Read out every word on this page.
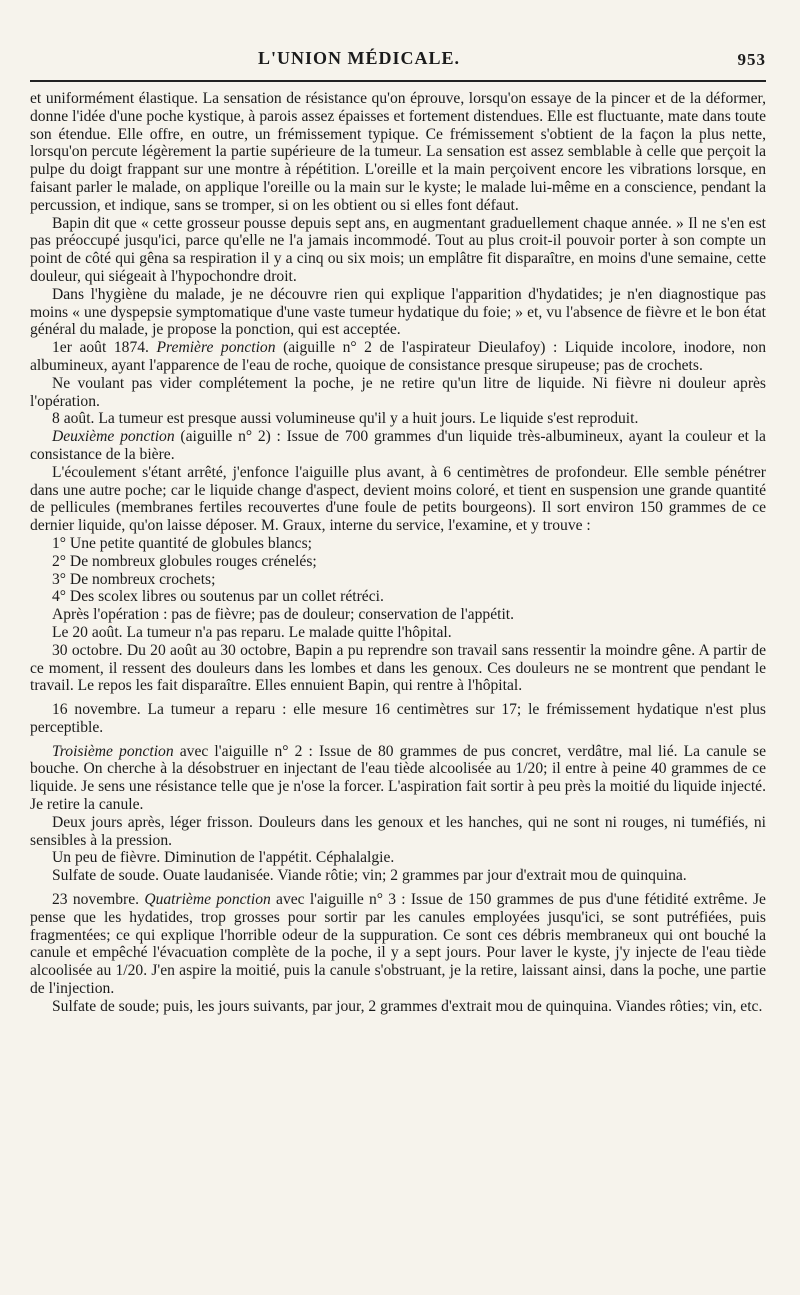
L'UNION MÉDICALE.	953

et uniformément élastique. La sensation de résistance qu'on éprouve, lorsqu'on essaye de la pincer et de la déformer, donne l'idée d'une poche kystique, à parois assez épaisses et fortement distendues. Elle est fluctuante, mate dans toute son étendue. Elle offre, en outre, un frémissement typique. Ce frémissement s'obtient de la façon la plus nette, lorsqu'on percute légèrement la partie supérieure de la tumeur. La sensation est assez semblable à celle que perçoit la pulpe du doigt frappant sur une montre à répétition. L'oreille et la main perçoivent encore les vibrations lorsque, en faisant parler le malade, on applique l'oreille ou la main sur le kyste; le malade lui-même en a conscience, pendant la percussion, et indique, sans se tromper, si on les obtient ou si elles font défaut.

Bapin dit que « cette grosseur pousse depuis sept ans, en augmentant graduellement chaque année. » Il ne s'en est pas préoccupé jusqu'ici, parce qu'elle ne l'a jamais incommodé. Tout au plus croit-il pouvoir porter à son compte un point de côté qui gêna sa respiration il y a cinq ou six mois; un emplâtre fit disparaître, en moins d'une semaine, cette douleur, qui siégeait à l'hypochondre droit.

Dans l'hygiène du malade, je ne découvre rien qui explique l'apparition d'hydatides; je n'en diagnostique pas moins « une dyspepsie symptomatique d'une vaste tumeur hydatique du foie; » et, vu l'absence de fièvre et le bon état général du malade, je propose la ponction, qui est acceptée.

1er août 1874. Première ponction (aiguille n° 2 de l'aspirateur Dieulafoy) : Liquide incolore, inodore, non albumineux, ayant l'apparence de l'eau de roche, quoique de consistance presque sirupeuse; pas de crochets.

Ne voulant pas vider complétement la poche, je ne retire qu'un litre de liquide. Ni fièvre ni douleur après l'opération.

8 août. La tumeur est presque aussi volumineuse qu'il y a huit jours. Le liquide s'est reproduit.

Deuxième ponction (aiguille n° 2) : Issue de 700 grammes d'un liquide très-albumineux, ayant la couleur et la consistance de la bière.

L'écoulement s'étant arrêté, j'enfonce l'aiguille plus avant, à 6 centimètres de profondeur. Elle semble pénétrer dans une autre poche; car le liquide change d'aspect, devient moins coloré, et tient en suspension une grande quantité de pellicules (membranes fertiles recouvertes d'une foule de petits bourgeons). Il sort environ 150 grammes de ce dernier liquide, qu'on laisse déposer. M. Graux, interne du service, l'examine, et y trouve :

1° Une petite quantité de globules blancs;

2° De nombreux globules rouges crénelés;

3° De nombreux crochets;

4° Des scolex libres ou soutenus par un collet rétréci.

Après l'opération : pas de fièvre; pas de douleur; conservation de l'appétit.

Le 20 août. La tumeur n'a pas reparu. Le malade quitte l'hôpital.

30 octobre. Du 20 août au 30 octobre, Bapin a pu reprendre son travail sans ressentir la moindre gêne. A partir de ce moment, il ressent des douleurs dans les lombes et dans les genoux. Ces douleurs ne se montrent que pendant le travail. Le repos les fait disparaître. Elles ennuient Bapin, qui rentre à l'hôpital.

16 novembre. La tumeur a reparu : elle mesure 16 centimètres sur 17; le frémissement hydatique n'est plus perceptible.

Troisième ponction avec l'aiguille n° 2 : Issue de 80 grammes de pus concret, verdâtre, mal lié. La canule se bouche. On cherche à la désobstruer en injectant de l'eau tiède alcoolisée au 1/20; il entre à peine 40 grammes de ce liquide. Je sens une résistance telle que je n'ose la forcer. L'aspiration fait sortir à peu près la moitié du liquide injecté. Je retire la canule.

Deux jours après, léger frisson. Douleurs dans les genoux et les hanches, qui ne sont ni rouges, ni tuméfiés, ni sensibles à la pression.

Un peu de fièvre. Diminution de l'appétit. Céphalalgie.

Sulfate de soude. Ouate laudanisée. Viande rôtie; vin; 2 grammes par jour d'extrait mou de quinquina.

23 novembre. Quatrième ponction avec l'aiguille n° 3 : Issue de 150 grammes de pus d'une fétidité extrême. Je pense que les hydatides, trop grosses pour sortir par les canules employées jusqu'ici, se sont putréfiées, puis fragmentées; ce qui explique l'horrible odeur de la suppuration. Ce sont ces débris membraneux qui ont bouché la canule et empêché l'évacuation complète de la poche, il y a sept jours. Pour laver le kyste, j'y injecte de l'eau tiède alcoolisée au 1/20. J'en aspire la moitié, puis la canule s'obstruant, je la retire, laissant ainsi, dans la poche, une partie de l'injection.

Sulfate de soude; puis, les jours suivants, par jour, 2 grammes d'extrait mou de quinquina. Viandes rôties; vin, etc.
